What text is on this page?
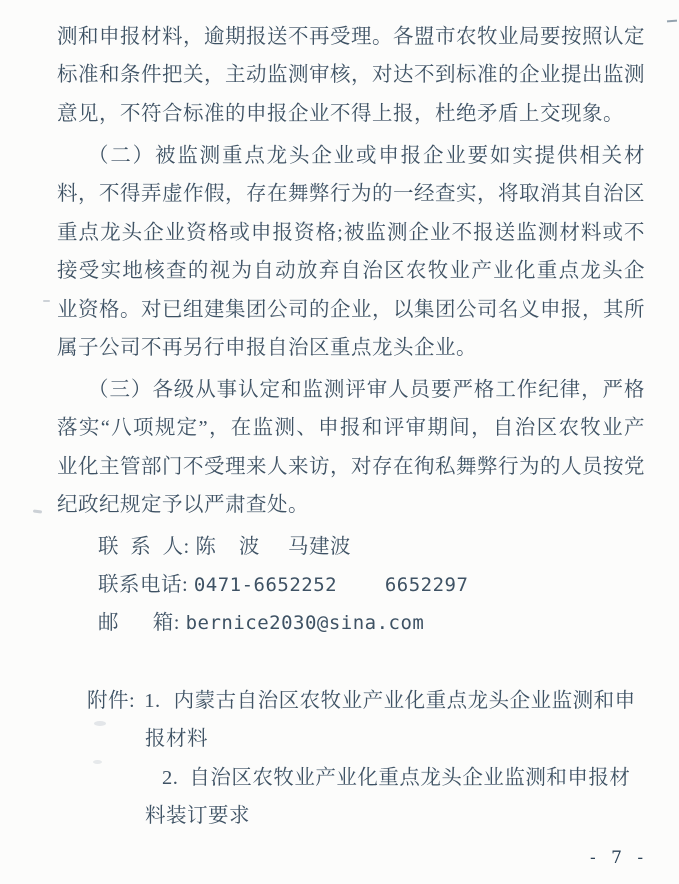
测和申报材料，逾期报送不再受理。各盟市农牧业局要按照认定
标准和条件把关，主动监测审核，对达不到标准的企业提出监测
意见，不符合标准的申报企业不得上报，杜绝矛盾上交现象。
（二）被监测重点龙头企业或申报企业要如实提供相关材
料，不得弄虚作假，存在舞弊行为的一经查实，将取消其自治区
重点龙头企业资格或申报资格;被监测企业不报送监测材料或不
接受实地核查的视为自动放弃自治区农牧业产业化重点龙头企
业资格。对已组建集团公司的企业，以集团公司名义申报，其所
属子公司不再另行申报自治区重点龙头企业。
（三）各级从事认定和监测评审人员要严格工作纪律，严格
落实“八项规定”，在监测、申报和评审期间，自治区农牧业产
业化主管部门不受理来人来访，对存在徇私舞弊行为的人员按党
纪政纪规定予以严肃查处。
联  系  人: 陈    波     马建波
联系电话: 0471-6652252    6652297
邮      箱: bernice2030@sina.com
附件: 1. 内蒙古自治区农牧业产业化重点龙头企业监测和申
报材料
2. 自治区农牧业产业化重点龙头企业监测和申报材
料装订要求
- 7 -
